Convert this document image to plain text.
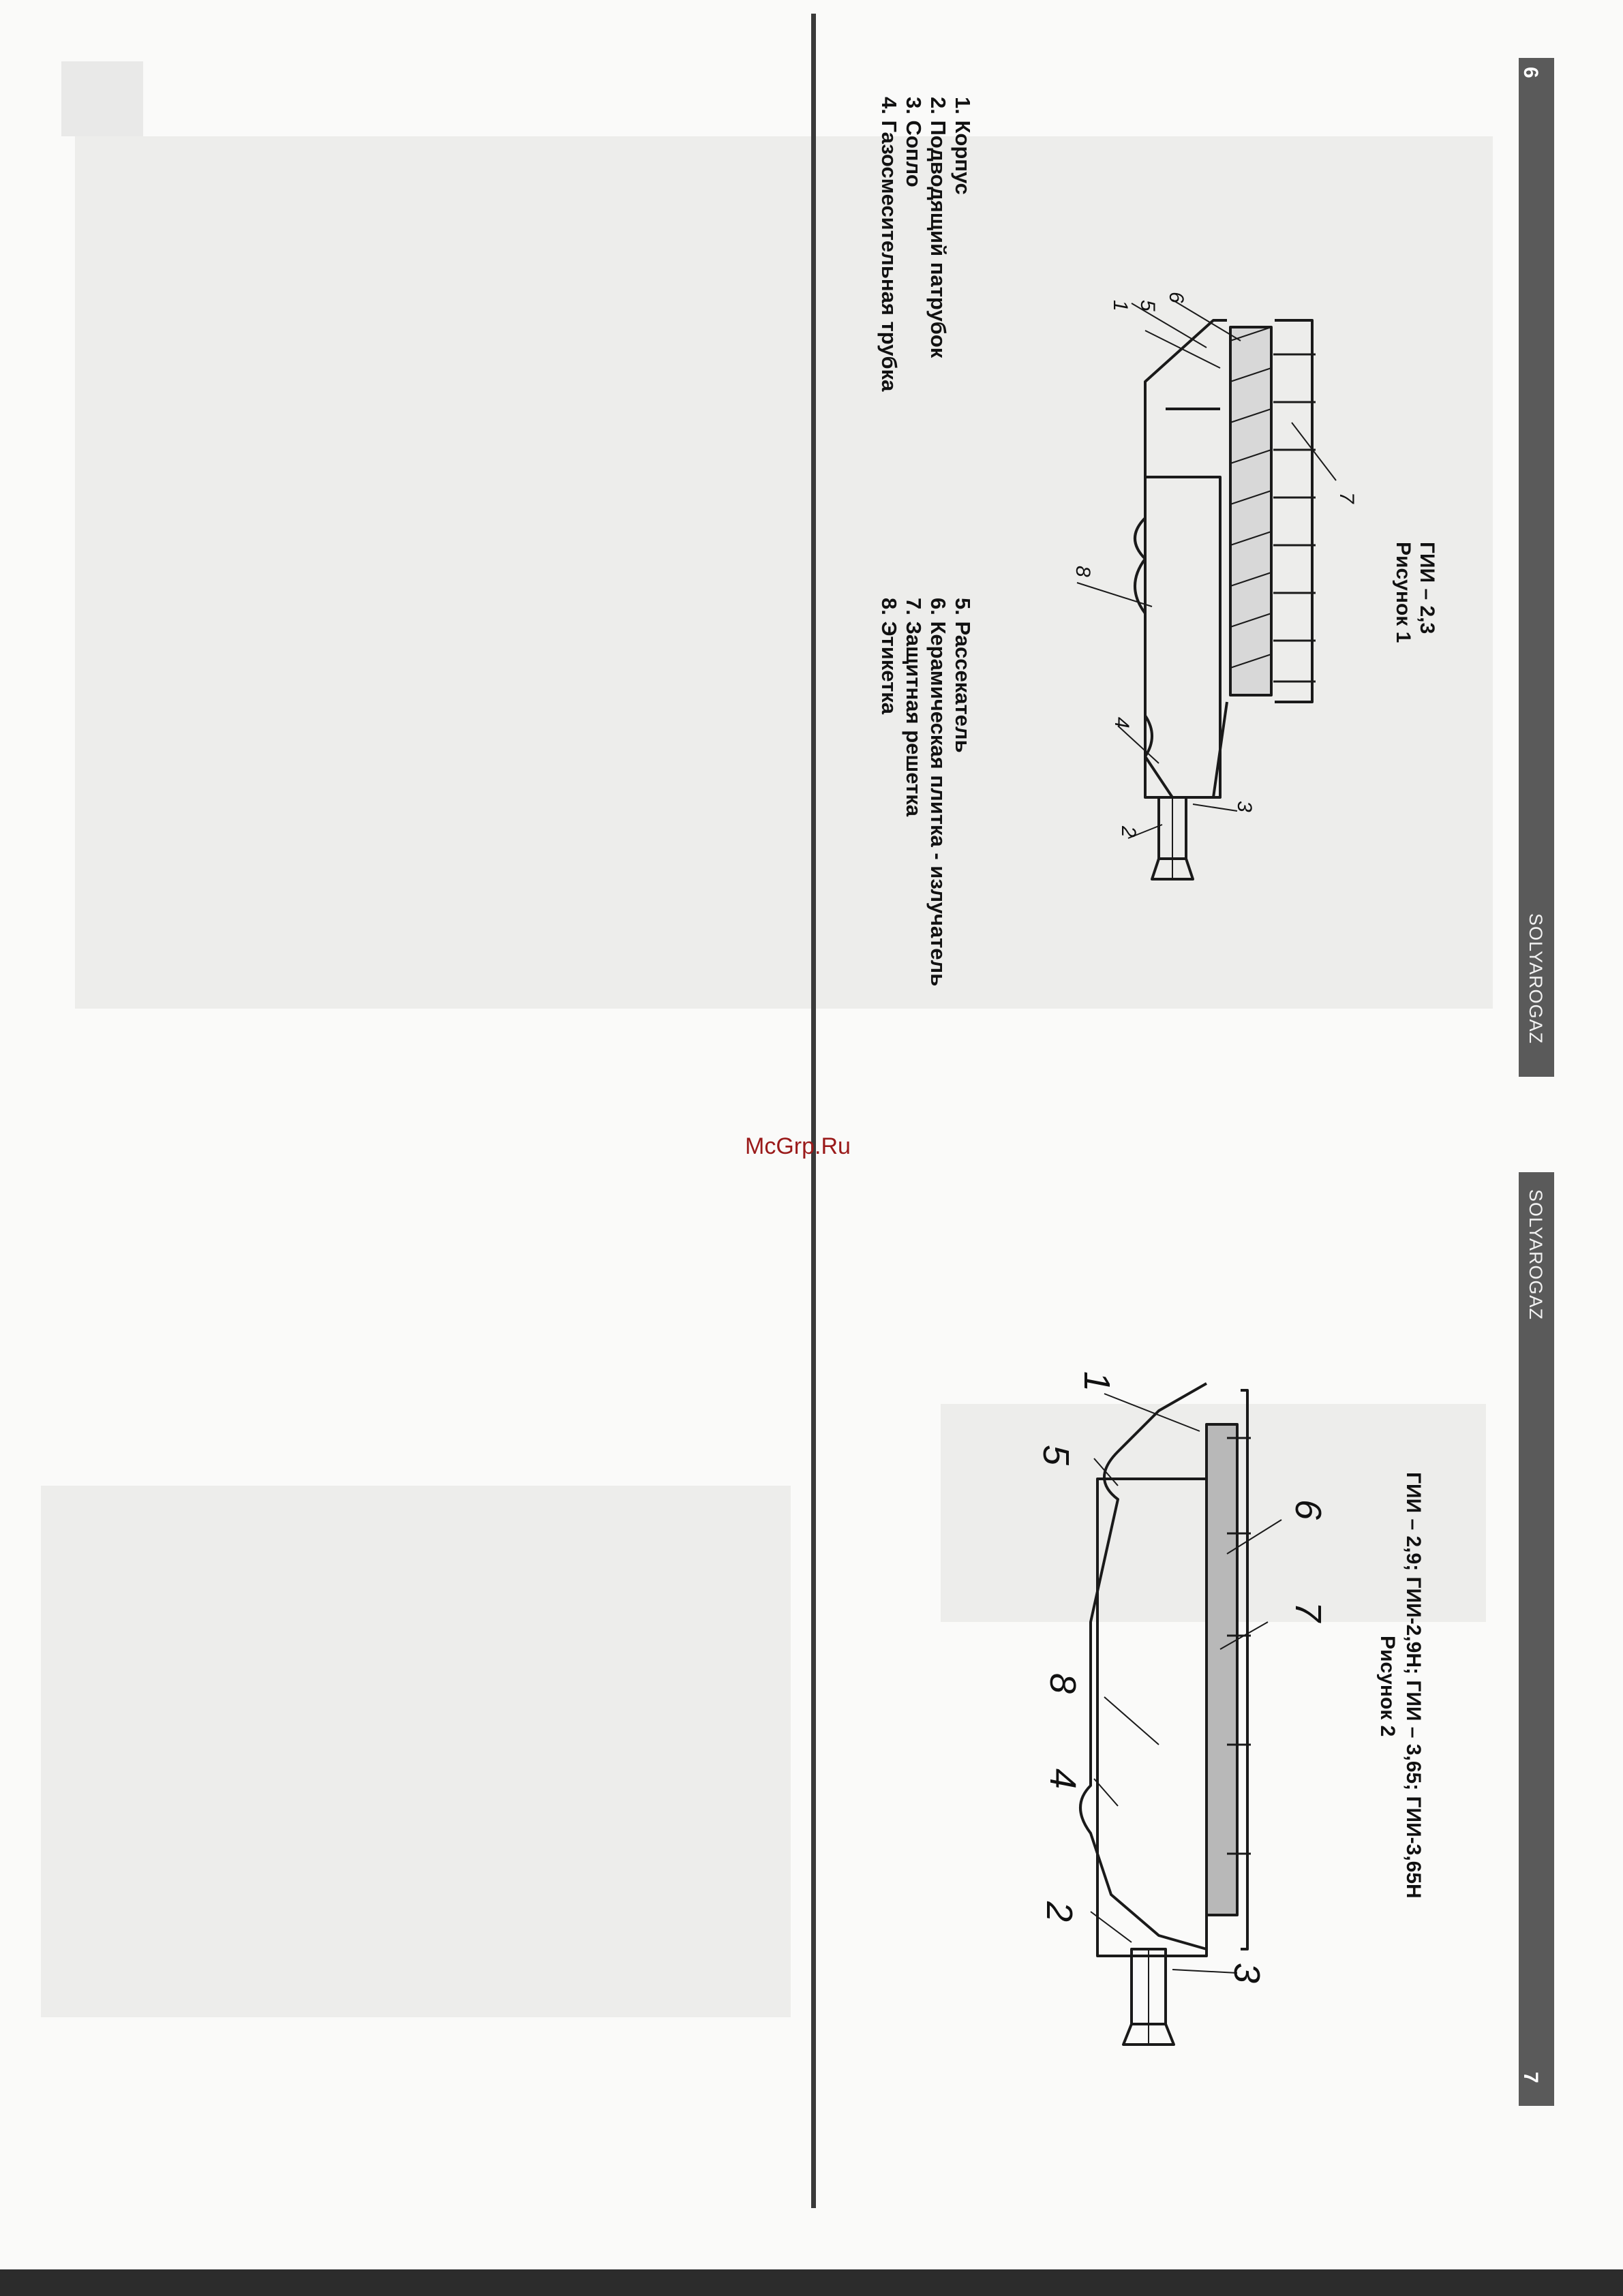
6
SOLYAROGAZ
SOLYAROGAZ
7
ГИИ – 2,3
Рисунок 1
1. Корпус
2. Подводящий патрубок
3. Сопло
4. Газосмесительная трубка
5. Рассекатель
6. Керамическая плитка - излучатель
7. Защитная решетка
8. Этикетка
ГИИ – 2,9; ГИИ-2,9Н; ГИИ – 3,65; ГИИ-3,65Н
Рисунок 2
1 5
6
7
8
4
2
3
1
5
6
7
8
4
2
3
McGrp.Ru
